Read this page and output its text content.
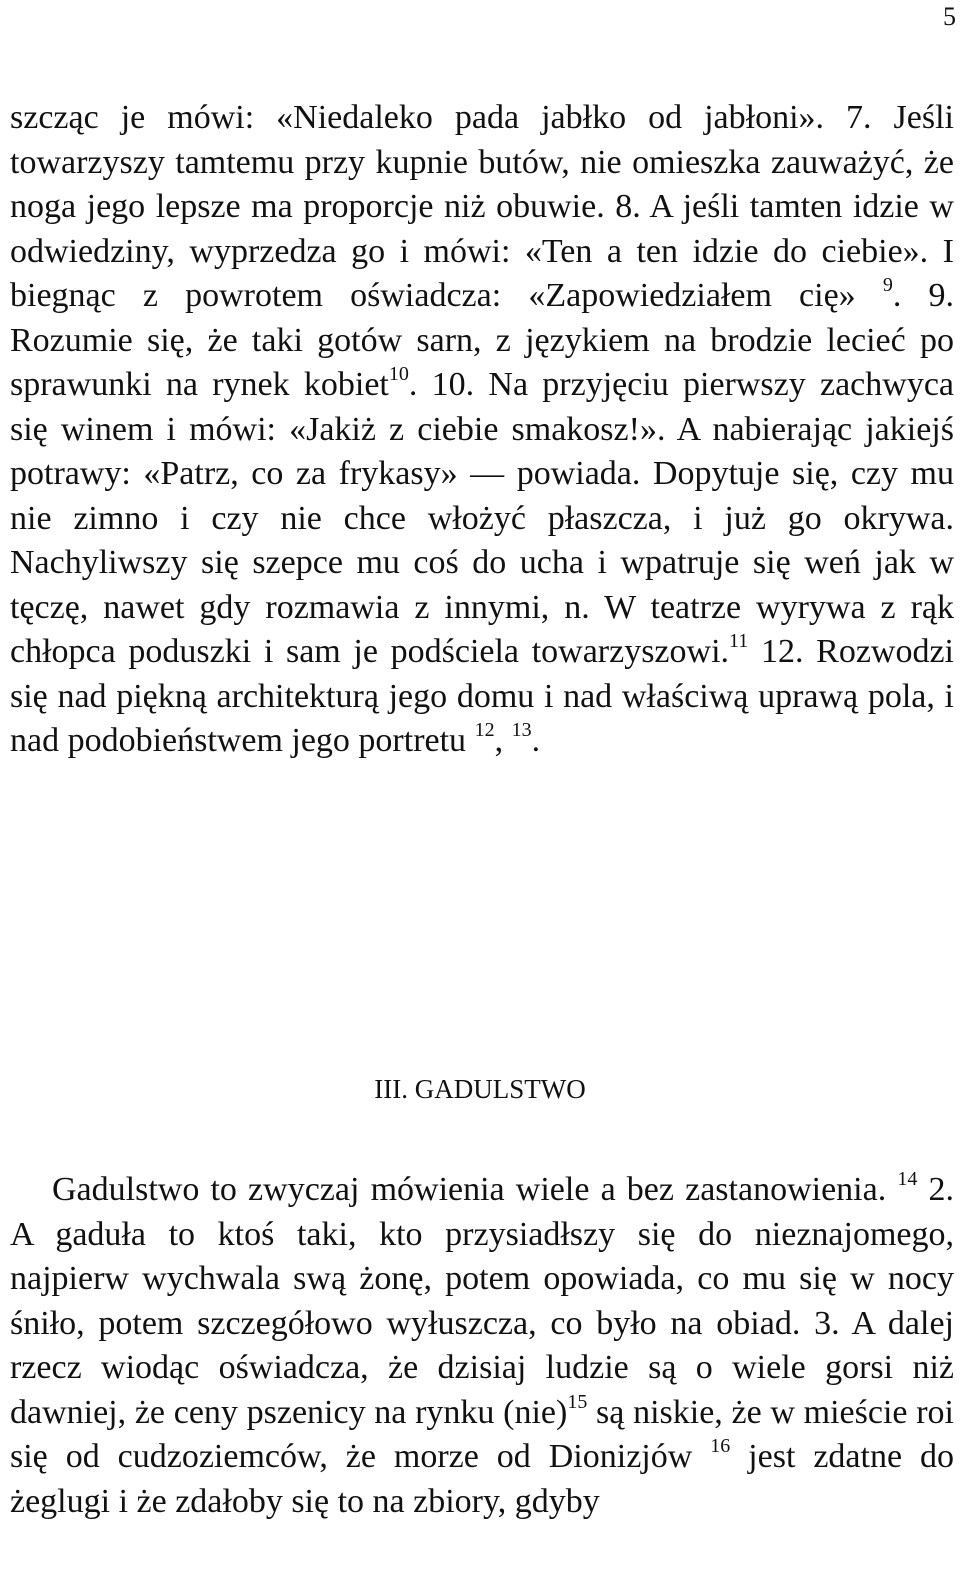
5

szcząc je mówi: «Niedaleko pada jabłko od jabłoni». 7. Jeśli towarzyszy tamtemu przy kupnie butów, nie omieszka zauważyć, że noga jego lepsze ma proporcje niż obuwie. 8. A jeśli tamten idzie w odwiedziny, wyprzedza go i mówi: «Ten a ten idzie do ciebie». I biegnąc z powrotem oświadcza: «Zapowiedziałem cię» $^9$. 9. Rozumie się, że taki gotów sarn, z językiem na brodzie lecieć po sprawunki na rynek kobiet$^{10}$. 10. Na przyjęciu pierwszy zachwyca się winem i mówi: «Jakiż z ciebie smakosz!». A nabierając jakiejś potrawy: «Patrz, co za frykasy» — powiada. Dopytuje się, czy mu nie zimno i czy nie chce włożyć płaszcza, i już go okrywa. Nachyliwszy się szepce mu coś do ucha i wpatruje się weń jak w tęczę, nawet gdy rozmawia z innymi, n. W teatrze wyrywa z rąk chłopca poduszki i sam je podściela towarzyszowi.$^{11}$ 12. Rozwodzi się nad piękną architekturą jego domu i nad właściwą uprawą pola, i nad podobieństwem jego portretu $^{12}$, $^{13}$.

III. GADULSTWO

Gadulstwo to zwyczaj mówienia wiele a bez zastanowienia. $^{14}$ 2. A gaduła to ktoś taki, kto przysiadłszy się do nieznajomego, najpierw wychwala swą żonę, potem opowiada, co mu się w nocy śniło, potem szczegółowo wyłuszcza, co było na obiad. 3. A dalej rzecz wiodąc oświadcza, że dzisiaj ludzie są o wiele gorsi niż dawniej, że ceny pszenicy na rynku (nie)$^{15}$ są niskie, że w mieście roi się od cudzoziemców, że morze od Dionizjów $^{16}$ jest zdatne do żeglugi i że zdałoby się to na zbiory, gdyby
